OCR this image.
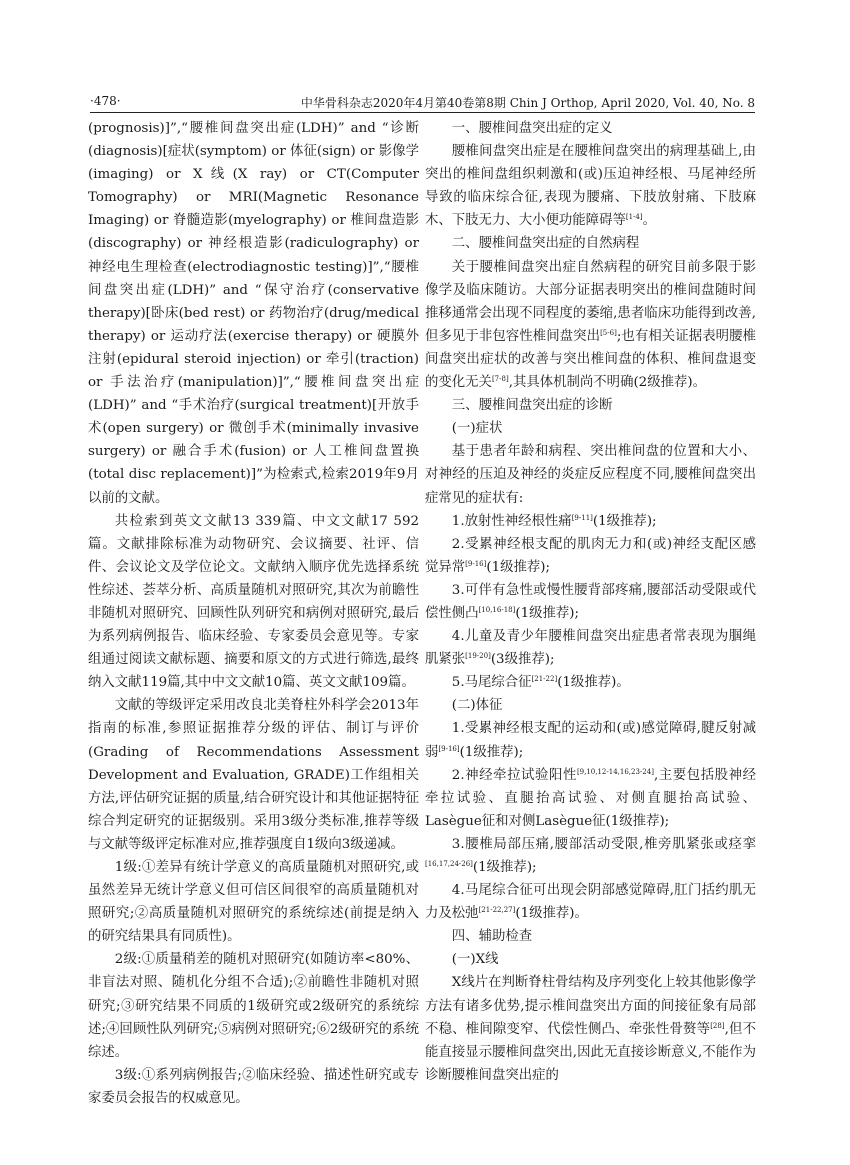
·478·	中华骨科杂志2020年4月第40卷第8期 Chin J Orthop, April 2020, Vol. 40, No. 8

(prognosis)]”,“腰椎间盘突出症(LDH)” and “诊断(diagnosis)[症状(symptom) or 体征(sign) or 影像学(imaging) or X线(X ray) or CT(Computer Tomography) or MRI(Magnetic Resonance Imaging) or 脊髓造影(myelography) or 椎间盘造影(discography) or 神经根造影(radiculography) or 神经电生理检查(electrodiagnostic testing)]”,“腰椎间盘突出症(LDH)” and “保守治疗(conservative therapy)[卧床(bed rest) or 药物治疗(drug/medical therapy) or 运动疗法(exercise therapy) or 硬膜外注射(epidural steroid injection) or 牵引(traction) or 手法治疗(manipulation)]”,“腰椎间盘突出症(LDH)” and “手术治疗(surgical treatment)[开放手术(open surgery) or 微创手术(minimally invasive surgery) or 融合手术(fusion) or 人工椎间盘置换(total disc replacement)]”为检索式,检索2019年9月以前的文献。

共检索到英文文献13 339篇、中文文献17 592篇。文献排除标准为动物研究、会议摘要、社评、信件、会议论文及学位论文。文献纳入顺序优先选择系统性综述、荟萃分析、高质量随机对照研究,其次为前瞻性非随机对照研究、回顾性队列研究和病例对照研究,最后为系列病例报告、临床经验、专家委员会意见等。专家组通过阅读文献标题、摘要和原文的方式进行筛选,最终纳入文献119篇,其中中文文献10篇、英文文献109篇。

文献的等级评定采用改良北美脊柱外科学会2013年指南的标准,参照证据推荐分级的评估、制订与评价(Grading of Recommendations Assessment Development and Evaluation, GRADE)工作组相关方法,评估研究证据的质量,结合研究设计和其他证据特征综合判定研究的证据级别。采用3级分类标准,推荐等级与文献等级评定标准对应,推荐强度自1级向3级递减。

1级:①差异有统计学意义的高质量随机对照研究,或虽然差异无统计学意义但可信区间很窄的高质量随机对照研究;②高质量随机对照研究的系统综述(前提是纳入的研究结果具有同质性)。

2级:①质量稍差的随机对照研究(如随访率<80%、非盲法对照、随机化分组不合适);②前瞻性非随机对照研究;③研究结果不同质的1级研究或2级研究的系统综述;④回顾性队列研究;⑤病例对照研究;⑥2级研究的系统综述。

3级:①系列病例报告;②临床经验、描述性研究或专家委员会报告的权威意见。

一、腰椎间盘突出症的定义

腰椎间盘突出症是在腰椎间盘突出的病理基础上,由突出的椎间盘组织刺激和(或)压迫神经根、马尾神经所导致的临床综合征,表现为腰痛、下肢放射痛、下肢麻木、下肢无力、大小便功能障碍等[1-4]。

二、腰椎间盘突出症的自然病程

关于腰椎间盘突出症自然病程的研究目前多限于影像学及临床随访。大部分证据表明突出的椎间盘随时间推移通常会出现不同程度的萎缩,患者临床功能得到改善,但多见于非包容性椎间盘突出[5-6];也有相关证据表明腰椎间盘突出症状的改善与突出椎间盘的体积、椎间盘退变的变化无关[7-8],其具体机制尚不明确(2级推荐)。

三、腰椎间盘突出症的诊断

(一)症状

基于患者年龄和病程、突出椎间盘的位置和大小、对神经的压迫及神经的炎症反应程度不同,腰椎间盘突出症常见的症状有:

1.放射性神经根性痛[9-11](1级推荐);

2.受累神经根支配的肌肉无力和(或)神经支配区感觉异常[9-16](1级推荐);

3.可伴有急性或慢性腰背部疼痛,腰部活动受限或代偿性侧凸[10,16-18](1级推荐);

4.儿童及青少年腰椎间盘突出症患者常表现为腘绳肌紧张[19-20](3级推荐);

5.马尾综合征[21-22](1级推荐)。

(二)体征

1.受累神经根支配的运动和(或)感觉障碍,腱反射减弱[9-16](1级推荐);

2.神经牵拉试验阳性[9,10,12-14,16,23-24],主要包括股神经牵拉试验、直腿抬高试验、对侧直腿抬高试验、Lasègue征和对侧Lasègue征(1级推荐);

3.腰椎局部压痛,腰部活动受限,椎旁肌紧张或痉挛[16,17,24-26](1级推荐);

4.马尾综合征可出现会阴部感觉障碍,肛门括约肌无力及松弛[21-22,27](1级推荐)。

四、辅助检查

(一)X线

X线片在判断脊柱骨结构及序列变化上较其他影像学方法有诸多优势,提示椎间盘突出方面的间接征象有局部不稳、椎间隙变窄、代偿性侧凸、牵张性骨赘等[28],但不能直接显示腰椎间盘突出,因此无直接诊断意义,不能作为诊断腰椎间盘突出症的
